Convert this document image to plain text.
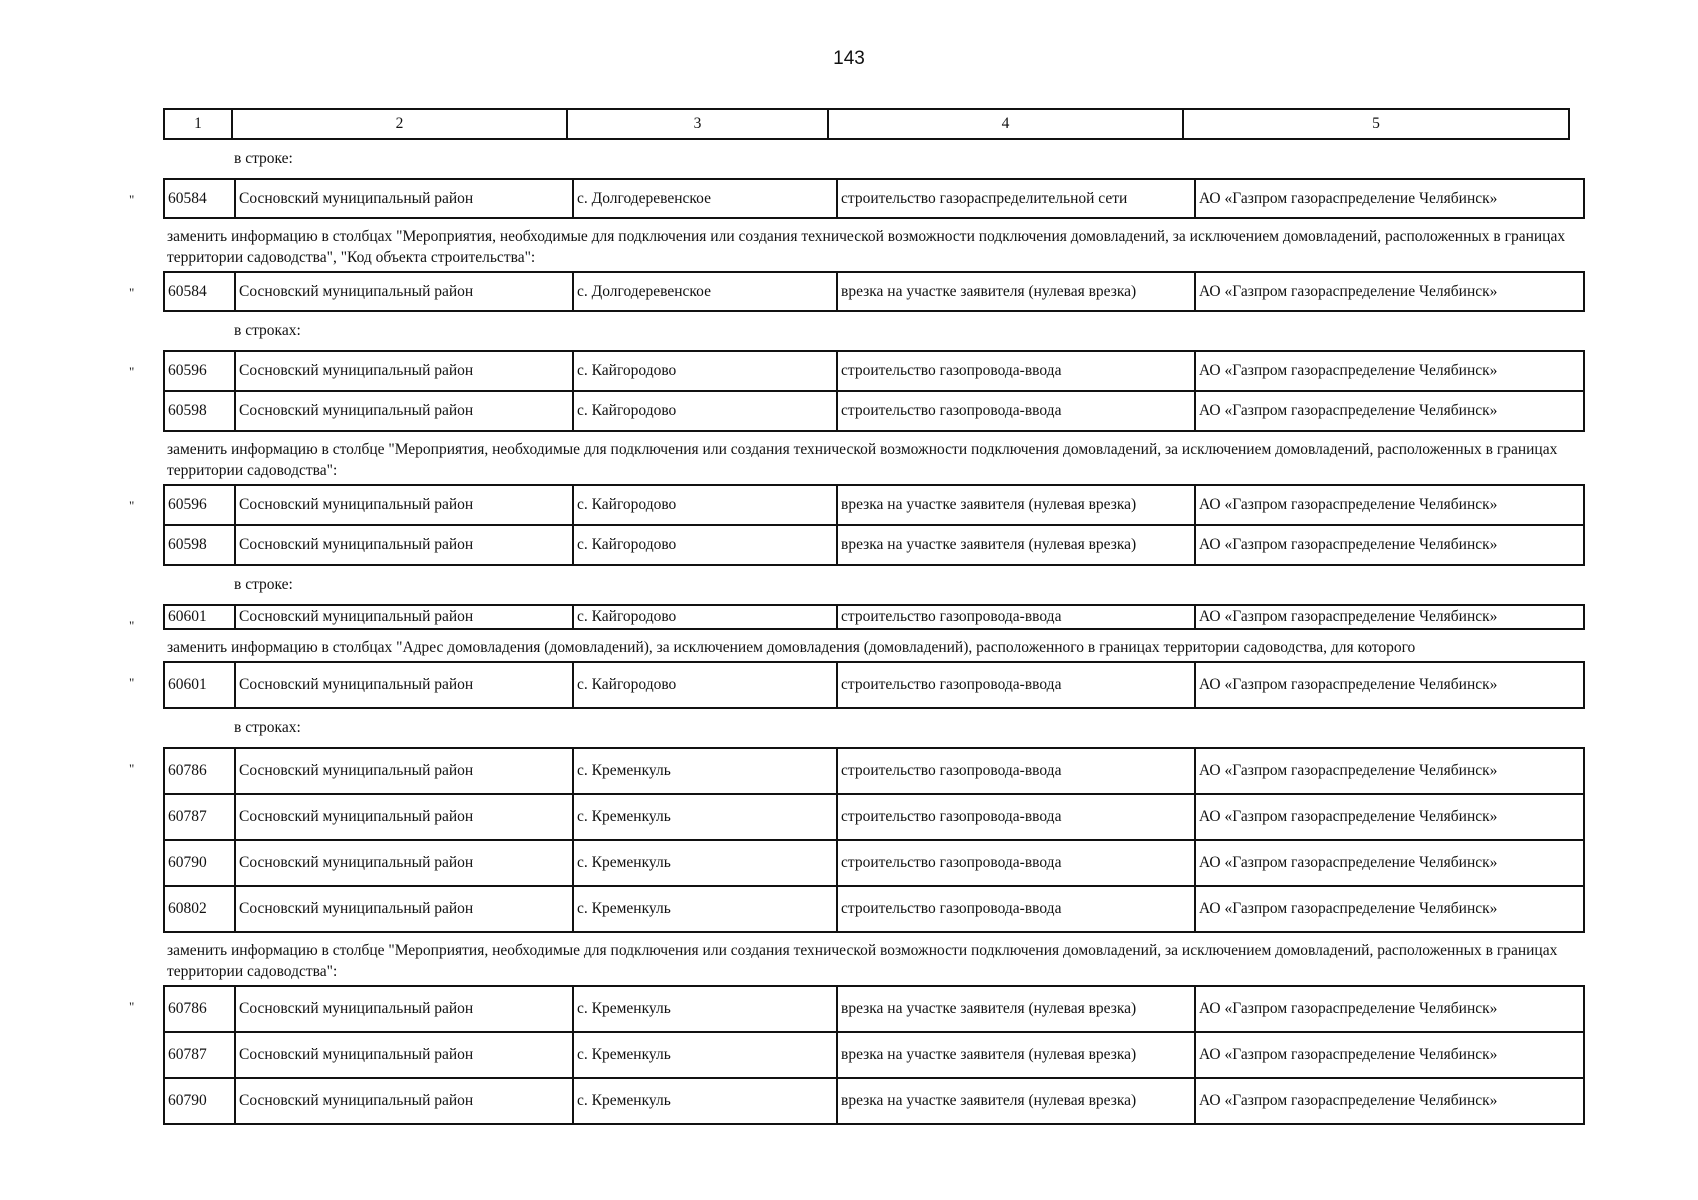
143
1	2	3	4	5
в строке:
" 60584	Сосновский муниципальный район	с. Долгодеревенское	строительство газораспределительной сети	АО «Газпром газораспределение Челябинск»
заменить информацию в столбцах "Мероприятия, необходимые для подключения или создания технической возможности подключения домовладений, за исключением домовладений, расположенных в границах территории садоводства", "Код объекта строительства":
" 60584	Сосновский муниципальный район	с. Долгодеревенское	врезка на участке заявителя (нулевая врезка)	АО «Газпром газораспределение Челябинск»
в строках:
" 60596	Сосновский муниципальный район	с. Кайгородово	строительство газопровода-ввода	АО «Газпром газораспределение Челябинск»
60598	Сосновский муниципальный район	с. Кайгородово	строительство газопровода-ввода	АО «Газпром газораспределение Челябинск»
заменить информацию в столбце "Мероприятия, необходимые для подключения или создания технической возможности подключения домовладений, за исключением домовладений, расположенных в границах территории садоводства":
" 60596	Сосновский муниципальный район	с. Кайгородово	врезка на участке заявителя (нулевая врезка)	АО «Газпром газораспределение Челябинск»
60598	Сосновский муниципальный район	с. Кайгородово	врезка на участке заявителя (нулевая врезка)	АО «Газпром газораспределение Челябинск»
в строке:
"
60601	Сосновский муниципальный район	с. Кайгородово	строительство газопровода-ввода	АО «Газпром газораспределение Челябинск»
заменить информацию в столбцах "Адрес домовладения (домовладений), за исключением домовладения (домовладений), расположенного в границах территории садоводства, для которого
" 60601	Сосновский муниципальный район	с. Кайгородово	строительство газопровода-ввода	АО «Газпром газораспределение Челябинск»
в строках:
" 60786	Сосновский муниципальный район	с. Кременкуль	строительство газопровода-ввода	АО «Газпром газораспределение Челябинск»
60787	Сосновский муниципальный район	с. Кременкуль	строительство газопровода-ввода	АО «Газпром газораспределение Челябинск»
60790	Сосновский муниципальный район	с. Кременкуль	строительство газопровода-ввода	АО «Газпром газораспределение Челябинск»
60802	Сосновский муниципальный район	с. Кременкуль	строительство газопровода-ввода	АО «Газпром газораспределение Челябинск»
заменить информацию в столбце "Мероприятия, необходимые для подключения или создания технической возможности подключения домовладений, за исключением домовладений, расположенных в границах территории садоводства":
" 60786	Сосновский муниципальный район	с. Кременкуль	врезка на участке заявителя (нулевая врезка)	АО «Газпром газораспределение Челябинск»
60787	Сосновский муниципальный район	с. Кременкуль	врезка на участке заявителя (нулевая врезка)	АО «Газпром газораспределение Челябинск»
60790	Сосновский муниципальный район	с. Кременкуль	врезка на участке заявителя (нулевая врезка)	АО «Газпром газораспределение Челябинск»
